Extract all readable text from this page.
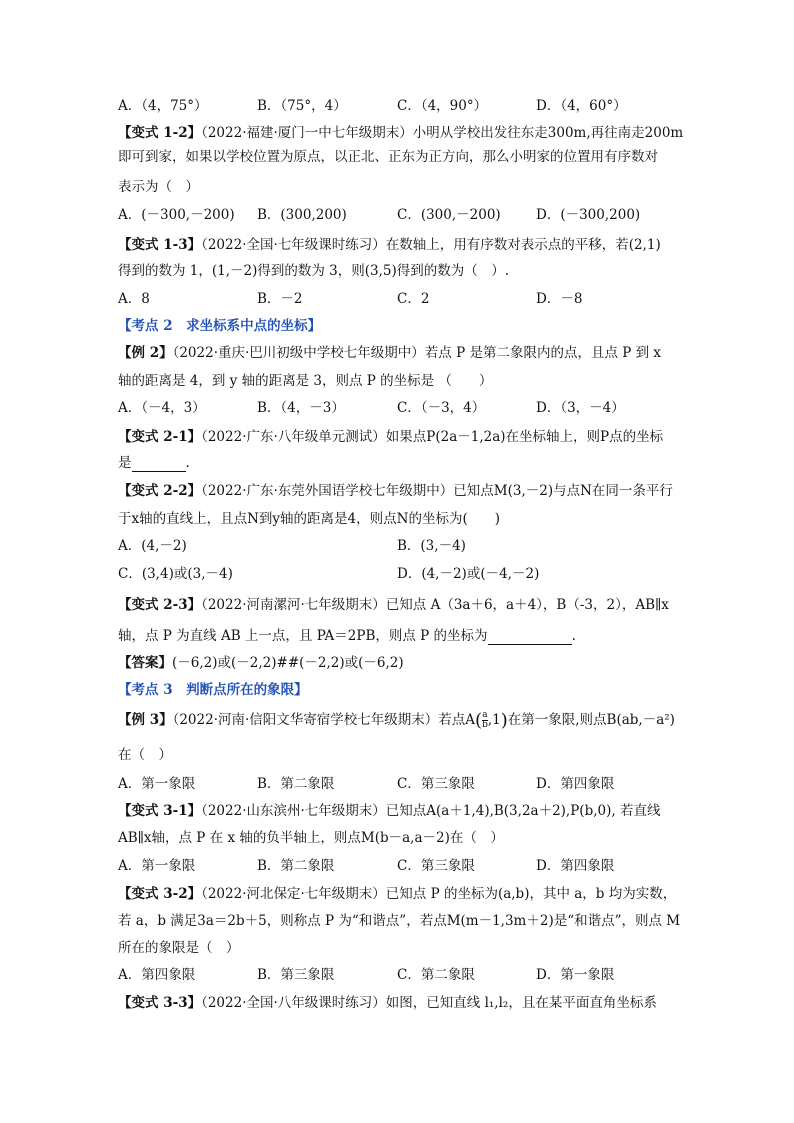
A．（4，75°）	B．（75°，4）	C．（4，90°）	D．（4，60°）
【变式 1-2】（2022·福建·厦门一中七年级期末）小明从学校出发往东走300m,再往南走200m
即可到家，如果以学校位置为原点，以正北、正东为正方向，那么小明家的位置用有序数对
表示为（　）
A．(－300,－200) B．(300,200)	C．(300,－200)	D．(－300,200)
【变式 1-3】（2022·全国·七年级课时练习）在数轴上，用有序数对表示点的平移，若(2,1)
得到的数为 1，(1,－2)得到的数为 3，则(3,5)得到的数为（　）.
A．8	B．－2	C．2	D．－8
【考点 2　求坐标系中点的坐标】
【例 2】（2022·重庆·巴川初级中学校七年级期中）若点 P 是第二象限内的点，且点 P 到 x
轴的距离是 4，到 y 轴的距离是 3，则点 P 的坐标是 （　　）
A．（－4，3）	B．（4，－3）	C．（－3，4）	D．（3，－4）
【变式 2-1】（2022·广东·八年级单元测试）如果点P(2a－1,2a)在坐标轴上，则P点的坐标
是	.
【变式 2-2】（2022·广东·东莞外国语学校七年级期中）已知点M(3,－2)与点N在同一条平行
于x轴的直线上，且点N到y轴的距离是4，则点N的坐标为(　　)
A．(4,－2)	B．(3,－4)
C．(3,4)或(3,－4)	D．(4,－2)或(－4,－2)
【变式 2-3】（2022·河南漯河·七年级期末）已知点 A（3a＋6，a＋4），B（-3，2），AB∥x
轴，点 P 为直线 AB 上一点，且 PA＝2PB，则点 P 的坐标为	.
【答案】(－6,2)或(－2,2)##(－2,2)或(－6,2)
【考点 3　判断点所在的象限】
【例 3】（2022·河南·信阳文华寄宿学校七年级期末）若点$A( \frac{a}{b} ,1)$在第一象限,则点B(ab,－a²)
在（　）
A．第一象限	B．第二象限	C．第三象限	D．第四象限
【变式 3-1】（2022·山东滨州·七年级期末）已知点A(a＋1,4),B(3,2a＋2),P(b,0), 若直线
AB∥x轴，点 P 在 x 轴的负半轴上，则点M(b－a,a－2)在（　）
A．第一象限	B．第二象限	C．第三象限	D．第四象限
【变式 3-2】（2022·河北保定·七年级期末）已知点 P 的坐标为(a,b)，其中 a，b 均为实数，
若 a，b 满足3a＝2b＋5，则称点 P 为“和谐点”，若点M(m－1,3m＋2)是“和谐点”，则点 M
所在的象限是（　）
A．第四象限	B．第三象限	C．第二象限	D．第一象限
【变式 3-3】（2022·全国·八年级课时练习）如图，已知直线 l₁,l₂，且在某平面直角坐标系
